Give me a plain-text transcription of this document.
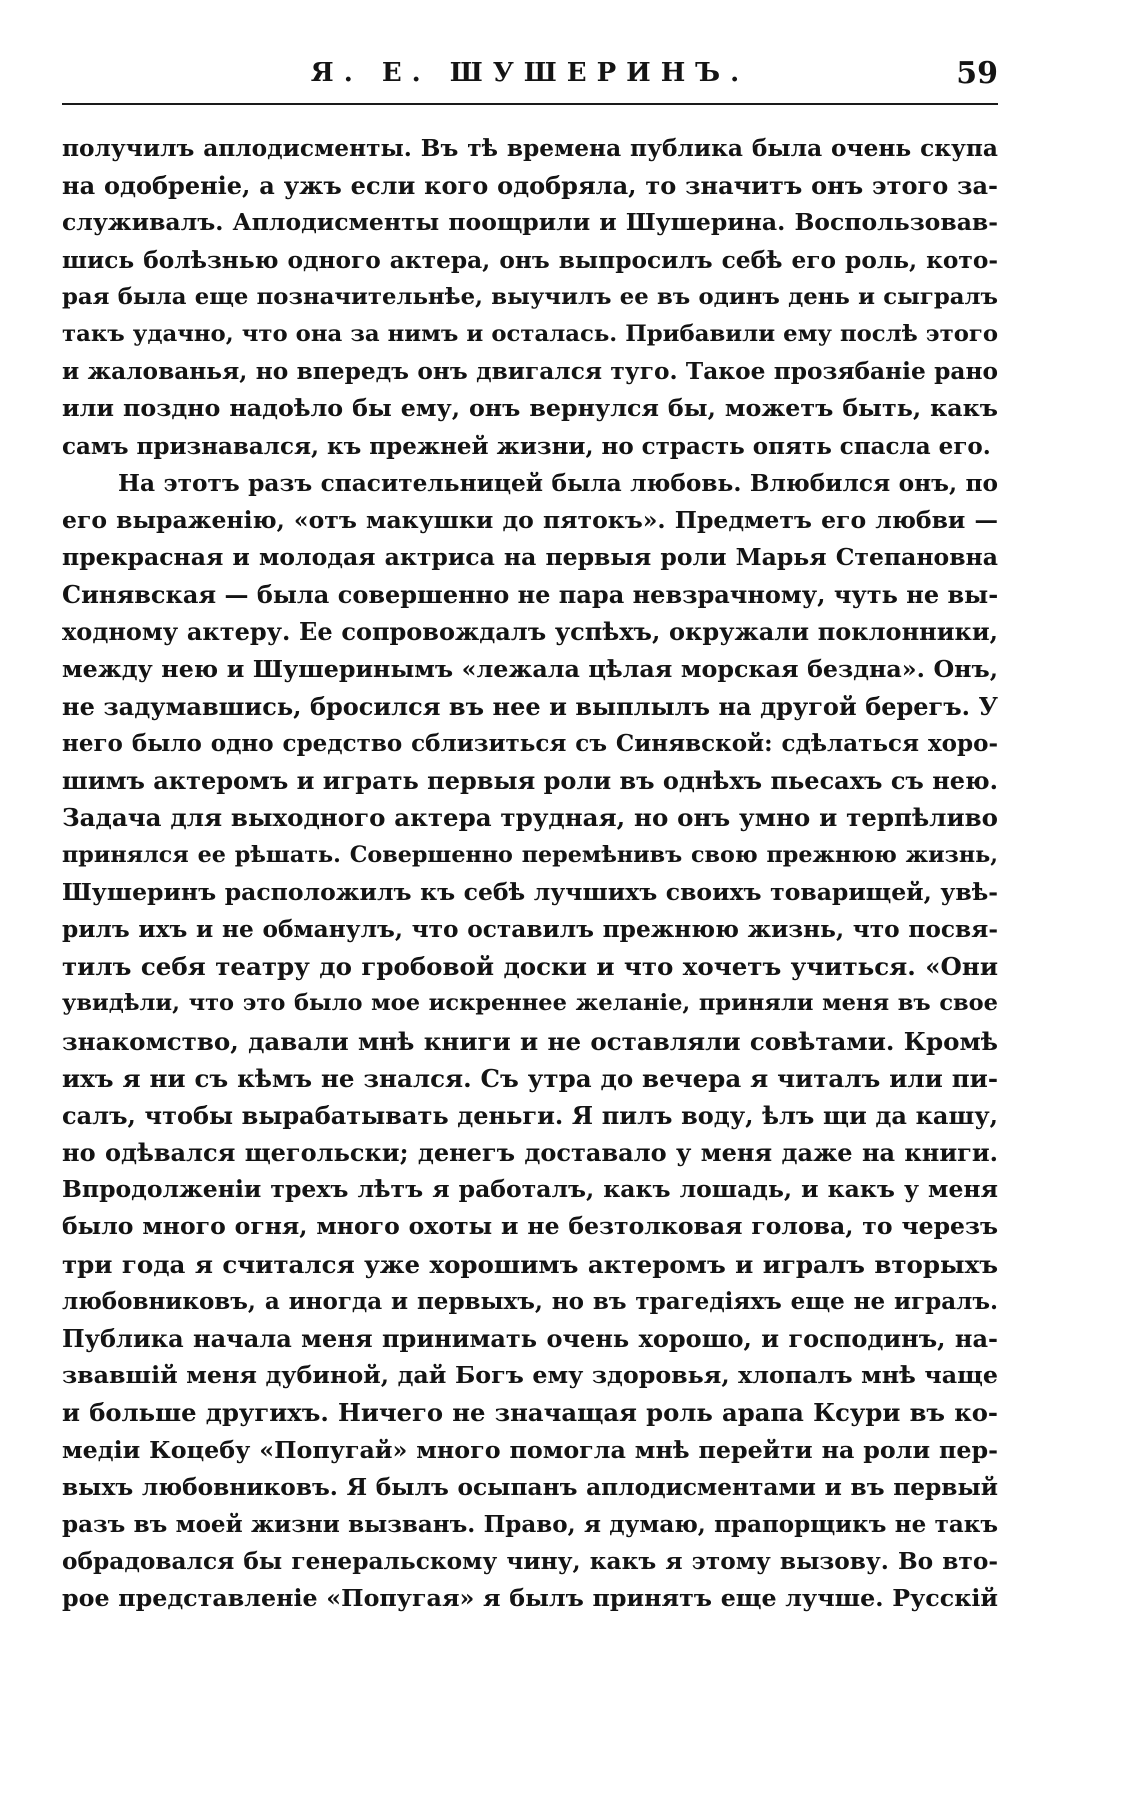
Я. Е. ШУШЕРИНЪ.	59
получилъ аплодисменты. Въ тѣ времена публика была очень скупа
на одобреніе, а ужъ если кого одобряла, то значитъ онъ этого за-
служивалъ. Аплодисменты поощрили и Шушерина. Воспользовав-
шись болѣзнью одного актера, онъ выпросилъ себѣ его роль, кото-
рая была еще позначительнѣе, выучилъ ее въ одинъ день и сыгралъ
такъ удачно, что она за нимъ и осталась. Прибавили ему послѣ этого
и жалованья, но впередъ онъ двигался туго. Такое прозябаніе рано
или поздно надоѣло бы ему, онъ вернулся бы, можетъ быть, какъ
самъ признавался, къ прежней жизни, но страсть опять спасла его.
На этотъ разъ спасительницей была любовь. Влюбился онъ, по
его выраженію, «отъ макушки до пятокъ». Предметъ его любви —
прекрасная и молодая актриса на первыя роли Марья Степановна
Синявская — была совершенно не пара невзрачному, чуть не вы-
ходному актеру. Ее сопровождалъ успѣхъ, окружали поклонники,
между нею и Шушеринымъ «лежала цѣлая морская бездна». Онъ,
не задумавшись, бросился въ нее и выплылъ на другой берегъ. У
него было одно средство сблизиться съ Синявской: сдѣлаться хоро-
шимъ актеромъ и играть первыя роли въ однѣхъ пьесахъ съ нею.
Задача для выходного актера трудная, но онъ умно и терпѣливо
принялся ее рѣшать. Совершенно перемѣнивъ свою прежнюю жизнь,
Шушеринъ расположилъ къ себѣ лучшихъ своихъ товарищей, увѣ-
рилъ ихъ и не обманулъ, что оставилъ прежнюю жизнь, что посвя-
тилъ себя театру до гробовой доски и что хочетъ учиться. «Они
увидѣли, что это было мое искреннее желаніе, приняли меня въ свое
знакомство, давали мнѣ книги и не оставляли совѣтами. Кромѣ
ихъ я ни съ кѣмъ не знался. Съ утра до вечера я читалъ или пи-
салъ, чтобы вырабатывать деньги. Я пилъ воду, ѣлъ щи да кашу,
но одѣвался щегольски; денегъ доставало у меня даже на книги.
Впродолженіи трехъ лѣтъ я работалъ, какъ лошадь, и какъ у меня
было много огня, много охоты и не безтолковая голова, то черезъ
три года я считался уже хорошимъ актеромъ и игралъ вторыхъ
любовниковъ, а иногда и первыхъ, но въ трагедіяхъ еще не игралъ.
Публика начала меня принимать очень хорошо, и господинъ, на-
звавшій меня дубиной, дай Богъ ему здоровья, хлопалъ мнѣ чаще
и больше другихъ. Ничего не значащая роль арапа Ксури въ ко-
медіи Коцебу «Попугай» много помогла мнѣ перейти на роли пер-
выхъ любовниковъ. Я былъ осыпанъ аплодисментами и въ первый
разъ въ моей жизни вызванъ. Право, я думаю, прапорщикъ не такъ
обрадовался бы генеральскому чину, какъ я этому вызову. Во вто-
рое представленіе «Попугая» я былъ принятъ еще лучше. Русскій
